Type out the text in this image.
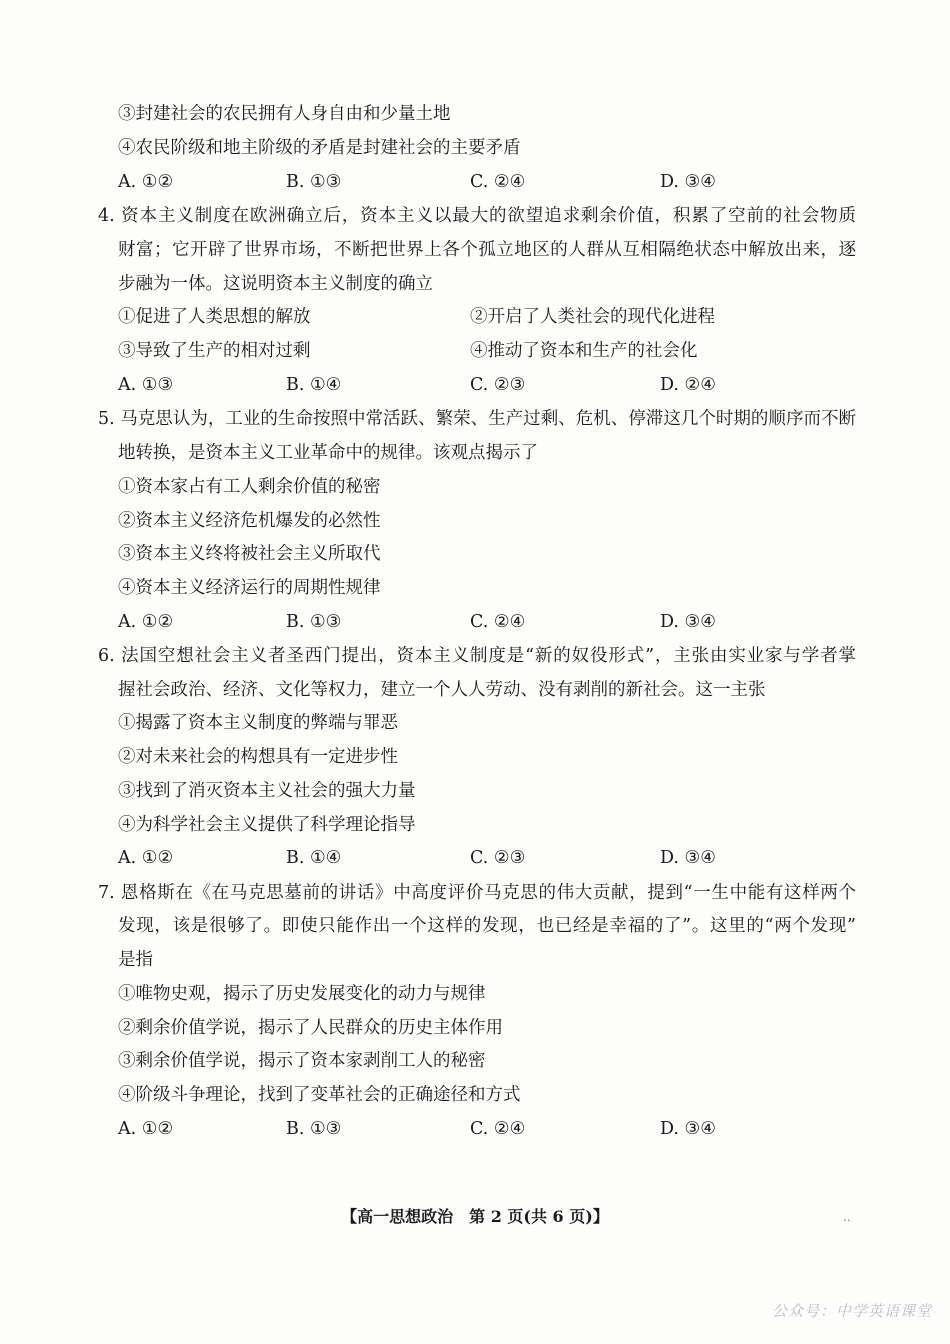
③封建社会的农民拥有人身自由和少量土地
④农民阶级和地主阶级的矛盾是封建社会的主要矛盾
A. ①②	B. ①③	C. ②④	D. ③④
4. 资本主义制度在欧洲确立后，资本主义以最大的欲望追求剩余价值，积累了空前的社会物质
财富；它开辟了世界市场，不断把世界上各个孤立地区的人群从互相隔绝状态中解放出来，逐
步融为一体。这说明资本主义制度的确立
①促进了人类思想的解放	②开启了人类社会的现代化进程
③导致了生产的相对过剩	④推动了资本和生产的社会化
A. ①③	B. ①④	C. ②③	D. ②④
5. 马克思认为，工业的生命按照中常活跃、繁荣、生产过剩、危机、停滞这几个时期的顺序而不断
地转换，是资本主义工业革命中的规律。该观点揭示了
①资本家占有工人剩余价值的秘密
②资本主义经济危机爆发的必然性
③资本主义终将被社会主义所取代
④资本主义经济运行的周期性规律
A. ①②	B. ①③	C. ②④	D. ③④
6. 法国空想社会主义者圣西门提出，资本主义制度是“新的奴役形式”，主张由实业家与学者掌
握社会政治、经济、文化等权力，建立一个人人劳动、没有剥削的新社会。这一主张
①揭露了资本主义制度的弊端与罪恶
②对未来社会的构想具有一定进步性
③找到了消灭资本主义社会的强大力量
④为科学社会主义提供了科学理论指导
A. ①②	B. ①④	C. ②③	D. ③④
7. 恩格斯在《在马克思墓前的讲话》中高度评价马克思的伟大贡献，提到“一生中能有这样两个
发现，该是很够了。即使只能作出一个这样的发现，也已经是幸福的了”。这里的“两个发现”
是指
①唯物史观，揭示了历史发展变化的动力与规律
②剩余价值学说，揭示了人民群众的历史主体作用
③剩余价值学说，揭示了资本家剥削工人的秘密
④阶级斗争理论，找到了变革社会的正确途径和方式
A. ①②	B. ①③	C. ②④	D. ③④
【高一思想政治　第 2 页(共 6 页)】	..
公众号：中学英语课堂
